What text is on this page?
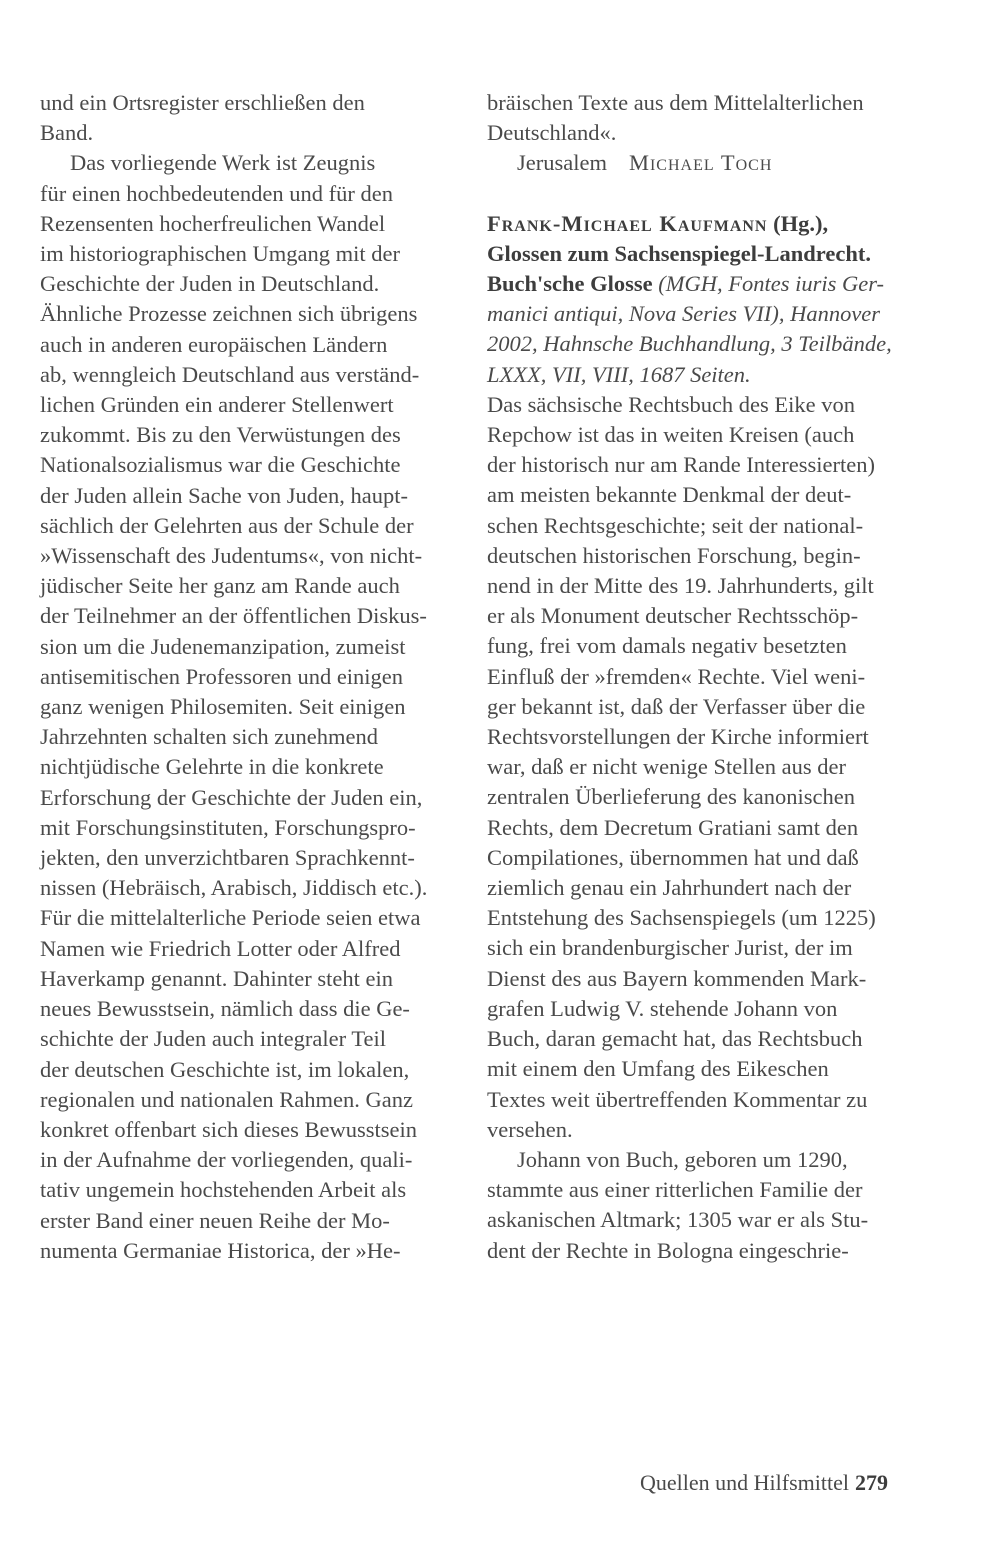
und ein Ortsregister erschließen den
Band.
Das vorliegende Werk ist Zeugnis
für einen hochbedeutenden und für den
Rezensenten hocherfreulichen Wandel
im historiographischen Umgang mit der
Geschichte der Juden in Deutschland.
Ähnliche Prozesse zeichnen sich übrigens
auch in anderen europäischen Ländern
ab, wenngleich Deutschland aus verständ-
lichen Gründen ein anderer Stellenwert
zukommt. Bis zu den Verwüstungen des
Nationalsozialismus war die Geschichte
der Juden allein Sache von Juden, haupt-
sächlich der Gelehrten aus der Schule der
»Wissenschaft des Judentums«, von nicht-
jüdischer Seite her ganz am Rande auch
der Teilnehmer an der öffentlichen Diskus-
sion um die Judenemanzipation, zumeist
antisemitischen Professoren und einigen
ganz wenigen Philosemiten. Seit einigen
Jahrzehnten schalten sich zunehmend
nichtjüdische Gelehrte in die konkrete
Erforschung der Geschichte der Juden ein,
mit Forschungsinstituten, Forschungspro-
jekten, den unverzichtbaren Sprachkennt-
nissen (Hebräisch, Arabisch, Jiddisch etc.).
Für die mittelalterliche Periode seien etwa
Namen wie Friedrich Lotter oder Alfred
Haverkamp genannt. Dahinter steht ein
neues Bewusstsein, nämlich dass die Ge-
schichte der Juden auch integraler Teil
der deutschen Geschichte ist, im lokalen,
regionalen und nationalen Rahmen. Ganz
konkret offenbart sich dieses Bewusstsein
in der Aufnahme der vorliegenden, quali-
tativ ungemein hochstehenden Arbeit als
erster Band einer neuen Reihe der Mo-
numenta Germaniae Historica, der »He-
bräischen Texte aus dem Mittelalterlichen
Deutschland«.
Jerusalem Michael Toch
Frank-Michael Kaufmann (Hg.),
Glossen zum Sachsenspiegel-Landrecht.
Buch'sche Glosse (MGH, Fontes iuris Ger-
manici antiqui, Nova Series VII), Hannover
2002, Hahnsche Buchhandlung, 3 Teilbände,
LXXX, VII, VIII, 1687 Seiten.
Das sächsische Rechtsbuch des Eike von
Repchow ist das in weiten Kreisen (auch
der historisch nur am Rande Interessierten)
am meisten bekannte Denkmal der deut-
schen Rechtsgeschichte; seit der national-
deutschen historischen Forschung, begin-
nend in der Mitte des 19. Jahrhunderts, gilt
er als Monument deutscher Rechtsschöp-
fung, frei vom damals negativ besetzten
Einfluß der »fremden« Rechte. Viel weni-
ger bekannt ist, daß der Verfasser über die
Rechtsvorstellungen der Kirche informiert
war, daß er nicht wenige Stellen aus der
zentralen Überlieferung des kanonischen
Rechts, dem Decretum Gratiani samt den
Compilationes, übernommen hat und daß
ziemlich genau ein Jahrhundert nach der
Entstehung des Sachsenspiegels (um 1225)
sich ein brandenburgischer Jurist, der im
Dienst des aus Bayern kommenden Mark-
grafen Ludwig V. stehende Johann von
Buch, daran gemacht hat, das Rechtsbuch
mit einem den Umfang des Eikeschen
Textes weit übertreffenden Kommentar zu
versehen.
Johann von Buch, geboren um 1290,
stammte aus einer ritterlichen Familie der
askanischen Altmark; 1305 war er als Stu-
dent der Rechte in Bologna eingeschrie-
Quellen und Hilfsmittel 279
